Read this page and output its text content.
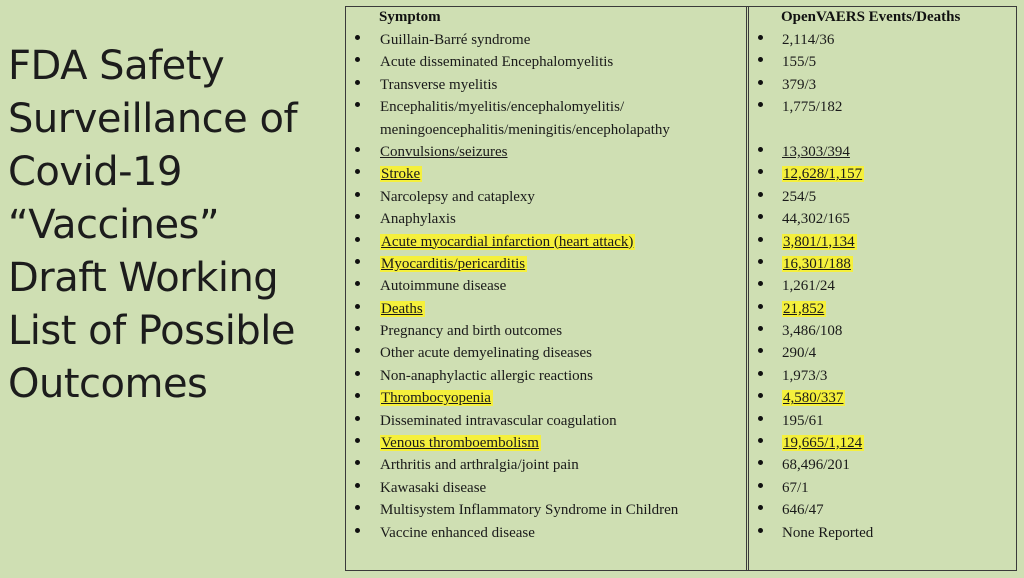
FDA Safety
Surveillance of
Covid-19
“Vaccines”
Draft Working
List of Possible
Outcomes
Symptom	OpenVAERS Events/Deaths
Guillain-Barré syndrome	2,114/36
Acute disseminated Encephalomyelitis	155/5
Transverse myelitis	379/3
Encephalitis/myelitis/encephalomyelitis/
meningoencephalitis/meningitis/encepholapathy
1,775/182
Convulsions/seizures	13,303/394
Stroke	12,628/1,157
Narcolepsy and cataplexy	254/5
Anaphylaxis	44,302/165
Acute myocardial infarction (heart attack)	3,801/1,134
Myocarditis/pericarditis	16,301/188
Autoimmune disease	1,261/24
Deaths	21,852
Pregnancy and birth outcomes	3,486/108
Other acute demyelinating diseases	290/4
Non-anaphylactic allergic reactions	1,973/3
Thrombocyopenia	4,580/337
Disseminated intravascular coagulation	195/61
Venous thromboembolism	19,665/1,124
Arthritis and arthralgia/joint pain	68,496/201
Kawasaki disease	67/1
Multisystem Inflammatory Syndrome in Children	646/47
Vaccine enhanced disease	None Reported
